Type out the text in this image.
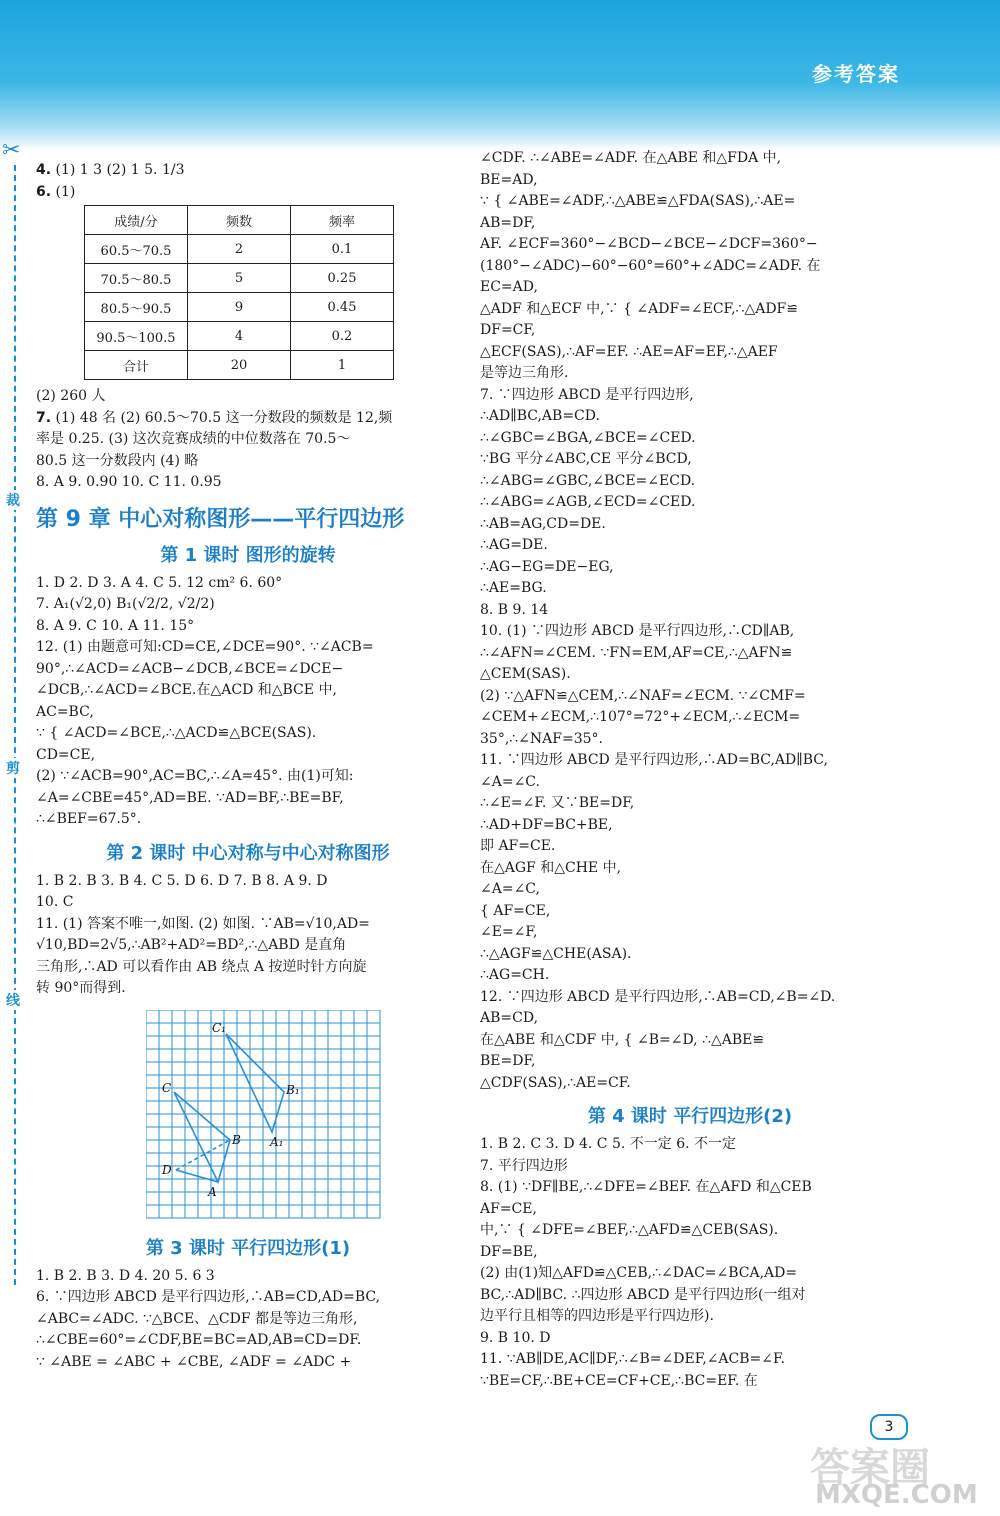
参考答案
✂
裁
剪
线

4. (1) 1 3 (2) 1 5. 1/3

6. (1)

成绩/分	频数	频率
60.5～70.5	2	0.1
70.5～80.5	5	0.25
80.5～90.5	9	0.45
90.5～100.5	4	0.2
合计	20	1

(2) 260 人

7. (1) 48 名 (2) 60.5～70.5 这一分数段的频数是 12,频

率是 0.25. (3) 这次竞赛成绩的中位数落在 70.5～

80.5 这一分数段内 (4) 略

8. A 9. 0.90 10. C 11. 0.95

第 9 章 中心对称图形——平行四边形
第 1 课时 图形的旋转

1. D 2. D 3. A 4. C 5. 12 cm² 6. 60°

7. A₁(√2,0) B₁(√2/2, √2/2)

8. A 9. C 10. A 11. 15°

12. (1) 由题意可知:CD=CE,∠DCE=90°. ∵∠ACB=

90°,∴∠ACD=∠ACB−∠DCB,∠BCE=∠DCE−

∠DCB,∴∠ACD=∠BCE.在△ACD 和△BCE 中,

AC=BC,

∵ { ∠ACD=∠BCE,∴△ACD≌△BCE(SAS).

CD=CE,

(2) ∵∠ACB=90°,AC=BC,∴∠A=45°. 由(1)可知:

∠A=∠CBE=45°,AD=BE. ∵AD=BF,∴BE=BF,

∴∠BEF=67.5°.

第 2 课时 中心对称与中心对称图形

1. B 2. B 3. B 4. C 5. D 6. D 7. B 8. A 9. D

10. C

11. (1) 答案不唯一,如图. (2) 如图. ∵AB=√10,AD=

√10,BD=2√5,∴AB²+AD²=BD²,∴△ABD 是直角

三角形,∴AD 可以看作由 AB 绕点 A 按逆时针方向旋

转 90°而得到.

C₁
C	B₁
A₁
B
D
A
第 3 课时 平行四边形(1)

1. B 2. B 3. D 4. 20 5. 6 3

6. ∵四边形 ABCD 是平行四边形,∴AB=CD,AD=BC,

∠ABC=∠ADC. ∵△BCE、△CDF 都是等边三角形,

∴∠CBE=60°=∠CDF,BE=BC=AD,AB=CD=DF.

∵ ∠ABE = ∠ABC + ∠CBE, ∠ADF = ∠ADC +

∠CDF. ∴∠ABE=∠ADF. 在△ABE 和△FDA 中,

BE=AD,

∵ { ∠ABE=∠ADF,∴△ABE≌△FDA(SAS),∴AE=

AB=DF,

AF. ∠ECF=360°−∠BCD−∠BCE−∠DCF=360°−

(180°−∠ADC)−60°−60°=60°+∠ADC=∠ADF. 在

EC=AD,

△ADF 和△ECF 中,∵ { ∠ADF=∠ECF,∴△ADF≌

DF=CF,

△ECF(SAS),∴AF=EF. ∴AE=AF=EF,∴△AEF

是等边三角形.

7. ∵四边形 ABCD 是平行四边形,

∴AD∥BC,AB=CD.

∴∠GBC=∠BGA,∠BCE=∠CED.

∵BG 平分∠ABC,CE 平分∠BCD,

∴∠ABG=∠GBC,∠BCE=∠ECD.

∴∠ABG=∠AGB,∠ECD=∠CED.

∴AB=AG,CD=DE.

∴AG=DE.

∴AG−EG=DE−EG,

∴AE=BG.

8. B 9. 14

10. (1) ∵四边形 ABCD 是平行四边形,∴CD∥AB,

∴∠AFN=∠CEM. ∵FN=EM,AF=CE,∴△AFN≌

△CEM(SAS).

(2) ∵△AFN≌△CEM,∴∠NAF=∠ECM. ∵∠CMF=

∠CEM+∠ECM,∴107°=72°+∠ECM,∴∠ECM=

35°,∴∠NAF=35°.

11. ∵四边形 ABCD 是平行四边形,∴AD=BC,AD∥BC,

∠A=∠C.

∴∠E=∠F. 又∵BE=DF,

∴AD+DF=BC+BE,

即 AF=CE.

在△AGF 和△CHE 中,

∠A=∠C,

{ AF=CE,

∠E=∠F,

∴△AGF≌△CHE(ASA).

∴AG=CH.

12. ∵四边形 ABCD 是平行四边形,∴AB=CD,∠B=∠D.

AB=CD,

在△ABE 和△CDF 中, { ∠B=∠D, ∴△ABE≌

BE=DF,

△CDF(SAS),∴AE=CF.

第 4 课时 平行四边形(2)

1. B 2. C 3. D 4. C 5. 不一定 6. 不一定

7. 平行四边形

8. (1) ∵DF∥BE,∴∠DFE=∠BEF. 在△AFD 和△CEB

AF=CE,

中,∵ { ∠DFE=∠BEF,∴△AFD≌△CEB(SAS).

DF=BE,

(2) 由(1)知△AFD≌△CEB,∴∠DAC=∠BCA,AD=

BC,∴AD∥BC. ∴四边形 ABCD 是平行四边形(一组对

边平行且相等的四边形是平行四边形).

9. B 10. D

11. ∵AB∥DE,AC∥DF,∴∠B=∠DEF,∠ACB=∠F.

∵BE=CF,∴BE+CE=CF+CE,∴BC=EF. 在

3
答案圈
MXQE.COM
